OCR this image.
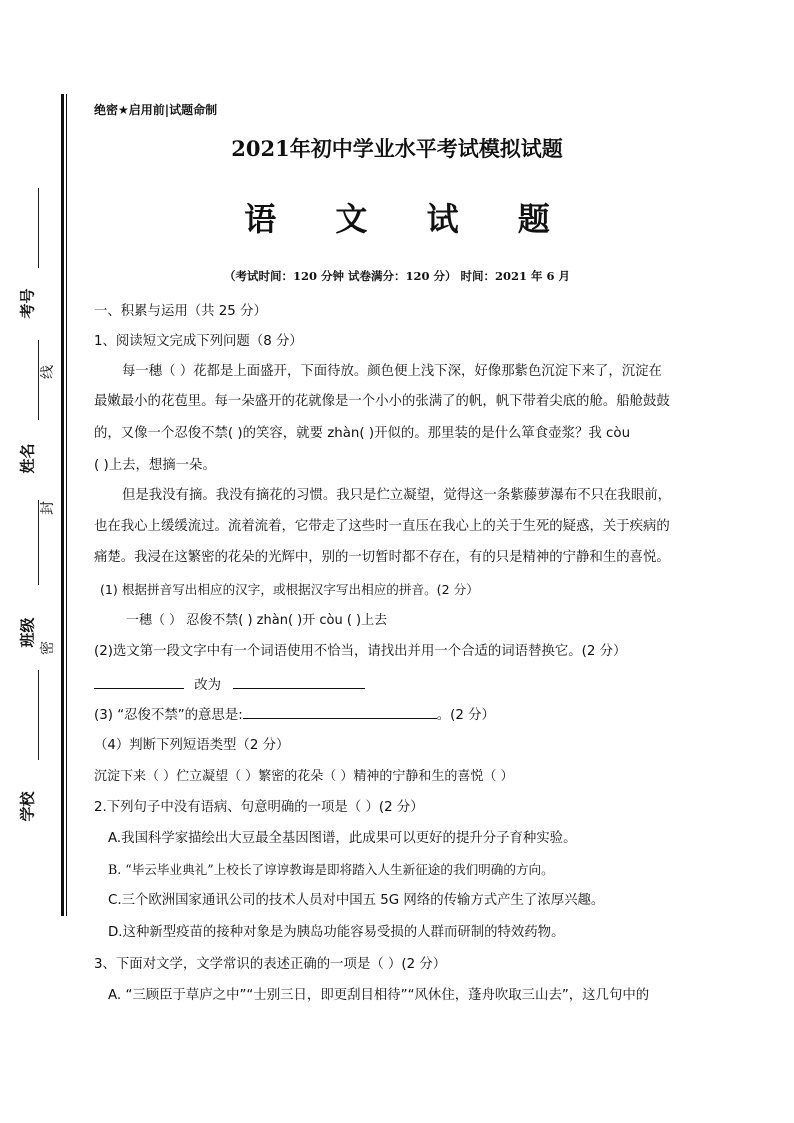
考号
姓名
班级
学校
线
封
密
绝密★启用前|试题命制
2021年初中学业水平考试模拟试题
语 文 试 题
（考试时间：120 分钟 试卷满分：120 分） 时间：2021 年 6 月
一、积累与运用（共 25 分）
1、阅读短文完成下列问题（8 分）
每一穗（ ）花都是上面盛开，下面待放。颜色便上浅下深，好像那紫色沉淀下来了，沉淀在
最嫩最小的花苞里。每一朵盛开的花就像是一个小小的张满了的帆，帆下带着尖底的舱。船舱鼓鼓
的，又像一个忍俊不禁( )的笑容，就要 zhàn( )开似的。那里装的是什么箪食壶浆？我 còu
( )上去，想摘一朵。
但是我没有摘。我没有摘花的习惯。我只是伫立凝望，觉得这一条紫藤萝瀑布不只在我眼前，
也在我心上缓缓流过。流着流着，它带走了这些时一直压在我心上的关于生死的疑惑，关于疾病的
痛楚。我浸在这繁密的花朵的光辉中，别的一切暂时都不存在，有的只是精神的宁静和生的喜悦。
(1) 根据拼音写出相应的汉字，或根据汉字写出相应的拼音。(2 分）
一穗（ ） 忍俊不禁( ) zhàn( )开 còu ( )上去
(2)选文第一段文字中有一个词语使用不恰当，请找出并用一个合适的词语替换它。(2 分）
改为
(3) “忍俊不禁”的意思是:	。(2 分）
（4）判断下列短语类型（2 分）
沉淀下来（ ）伫立凝望（ ）繁密的花朵（ ）精神的宁静和生的喜悦（ ）
2.下列句子中没有语病、句意明确的一项是（ ）(2 分）
A.我国科学家描绘出大豆最全基因图谱，此成果可以更好的提升分子育种实验。
B. “毕云毕业典礼”上校长了谆谆教诲是即将踏入人生新征途的我们明确的方向。
C.三个欧洲国家通讯公司的技术人员对中国五 5G 网络的传输方式产生了浓厚兴趣。
D.这种新型疫苗的接种对象是为胰岛功能容易受损的人群而研制的特效药物。
3、下面对文学，文学常识的表述正确的一项是（ ）(2 分）
A. “三顾臣于草庐之中”“士别三日，即更刮目相待”“风休住，蓬舟吹取三山去”，这几句中的
